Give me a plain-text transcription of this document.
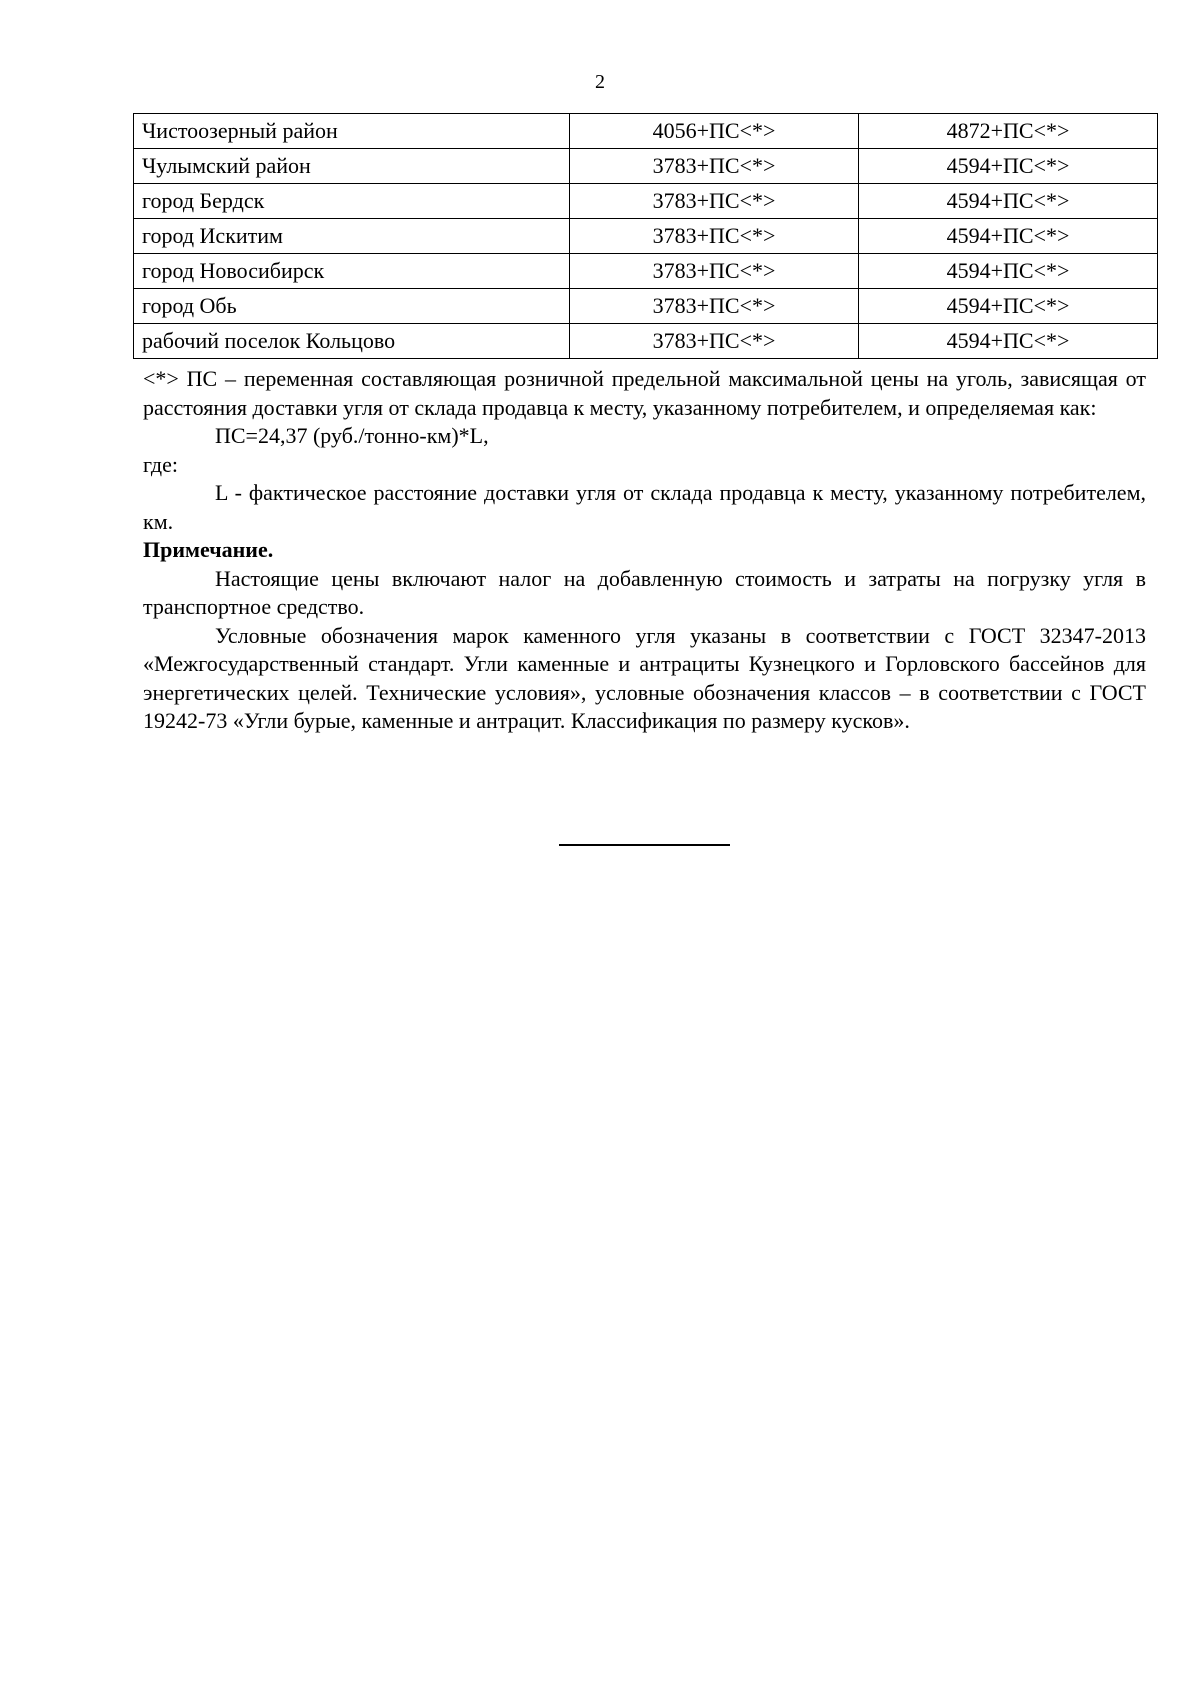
2
Чистоозерный район	4056+ПС<*>	4872+ПС<*>
Чулымский район	3783+ПС<*>	4594+ПС<*>
город Бердск	3783+ПС<*>	4594+ПС<*>
город Искитим	3783+ПС<*>	4594+ПС<*>
город Новосибирск	3783+ПС<*>	4594+ПС<*>
город Обь	3783+ПС<*>	4594+ПС<*>
рабочий поселок Кольцово	3783+ПС<*>	4594+ПС<*>

<*> ПС – переменная составляющая розничной предельной максимальной цены на уголь, зависящая от расстояния доставки угля от склада продавца к месту, указанному потребителем, и определяемая как:

ПС=24,37 (руб./тонно-км)*L,

где:

L - фактическое расстояние доставки угля от склада продавца к месту, указанному потребителем, км.

Примечание.

Настоящие цены включают налог на добавленную стоимость и затраты на погрузку угля в транспортное средство.

Условные обозначения марок каменного угля указаны в соответствии с ГОСТ 32347-2013 «Межгосударственный стандарт. Угли каменные и антрациты Кузнецкого и Горловского бассейнов для энергетических целей. Технические условия», условные обозначения классов – в соответствии с ГОСТ 19242-73 «Угли бурые, каменные и антрацит. Классификация по размеру кусков».
